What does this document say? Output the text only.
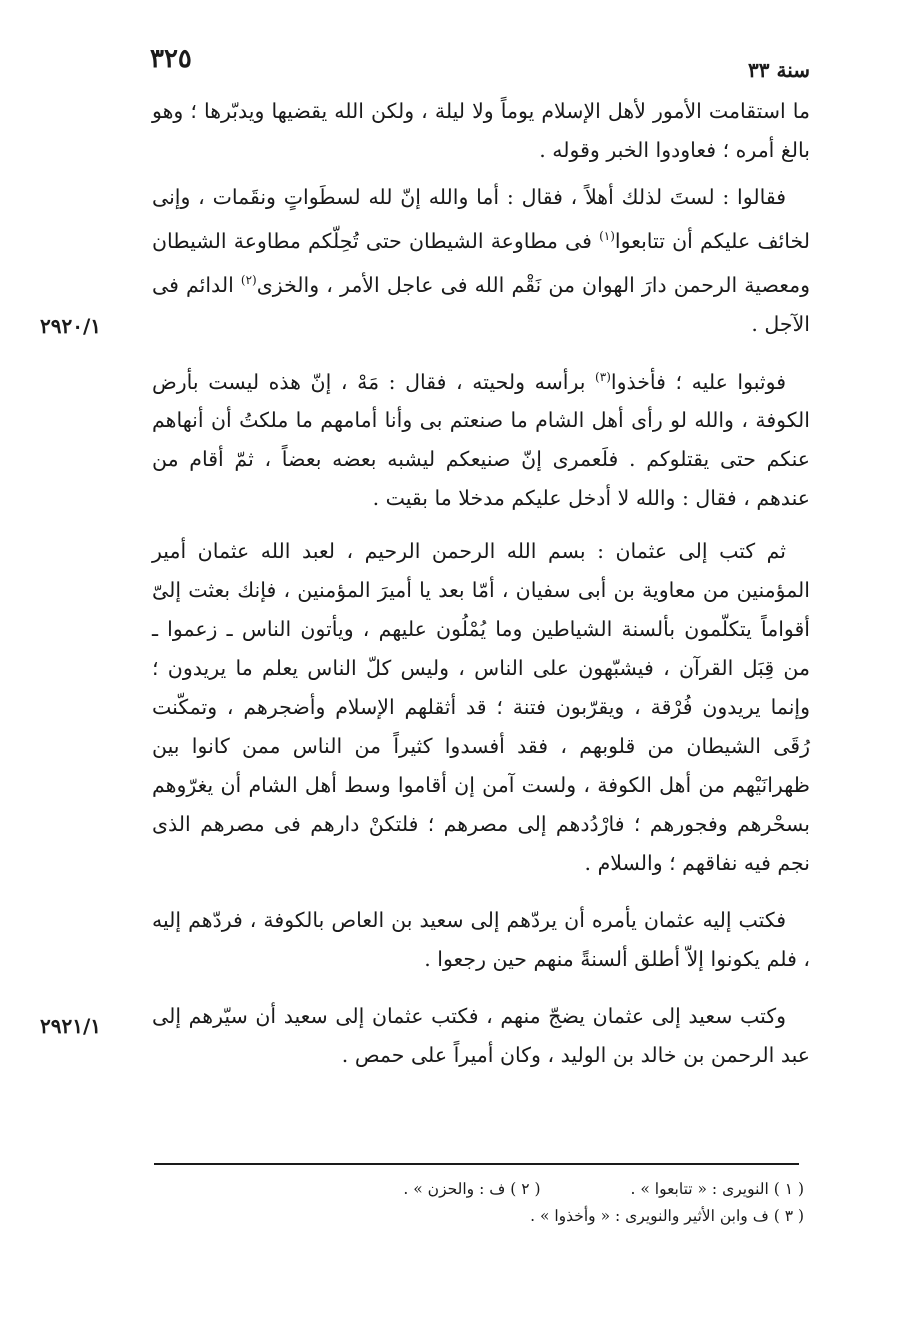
سنة ٣٣
٣٢٥

ما استقامت الأمور لأهل الإسلام يوماً ولا ليلة ، ولكن الله يقضيها ويدبّرها ؛ وهو بالغ أمره ؛ فعاودوا الخبر وقوله .

فقالوا : لستَ لذلك أهلاً ، فقال : أما والله إنّ لله لسطَواتٍ ونقَمات ، وإنى لخائف عليكم أن تتابعوا$^{(١)}$ فى مطاوعة الشيطان حتى تُحِلّكم مطاوعة الشيطان ومعصية الرحمن دارَ الهوان من نَقْم الله فى عاجل الأمر ، والخزى$^{(٢)}$ الدائم فى الآجل .

فوثبوا عليه ؛ فأخذوا$^{(٣)}$ برأسه ولحيته ، فقال : مَهْ ، إنّ هذه ليست بأرض الكوفة ، والله لو رأى أهل الشام ما صنعتم بى وأنا أمامهم ما ملكتُ أن أنهاهم عنكم حتى يقتلوكم . فلَعمرى إنّ صنيعكم ليشبه بعضه بعضاً ، ثمّ أقام من عندهم ، فقال : والله لا أدخل عليكم مدخلا ما بقيت .

ثم كتب إلى عثمان : بسم الله الرحمن الرحيم ، لعبد الله عثمان أمير المؤمنين من معاوية بن أبى سفيان ، أمّا بعد يا أميرَ المؤمنين ، فإنك بعثت إلىّ أقواماً يتكلّمون بألسنة الشياطين وما يُمْلُون عليهم ، ويأتون الناس ـ زعموا ـ من قِبَل القرآن ، فيشبّهون على الناس ، وليس كلّ الناس يعلم ما يريدون ؛ وإنما يريدون فُرْقة ، ويقرّبون فتنة ؛ قد أثقلهم الإسلام وأضجرهم ، وتمكّنت رُقَى الشيطان من قلوبهم ، فقد أفسدوا كثيراً من الناس ممن كانوا بين ظهرانَيْهم من أهل الكوفة ، ولست آمن إن أقاموا وسط أهل الشام أن يغرّوهم بسحْرهم وفجورهم ؛ فارْدُدهم إلى مصرهم ؛ فلتكنْ دارهم فى مصرهم الذى نجم فيه نفاقهم ؛ والسلام .

فكتب إليه عثمان يأمره أن يردّهم إلى سعيد بن العاص بالكوفة ، فردّهم إليه ، فلم يكونوا إلاّ أطلق ألسنةً منهم حين رجعوا .

وكتب سعيد إلى عثمان يضجّ منهم ، فكتب عثمان إلى سعيد أن سيّرهم إلى عبد الرحمن بن خالد بن الوليد ، وكان أميراً على حمص .

٢٩٢٠/١
٢٩٢١/١
( ١ ) النويرى : « تتابعوا » .
( ٢ ) ف : والحزن » .
( ٣ ) ف وابن الأثير والنويرى : « وأخذوا » .
